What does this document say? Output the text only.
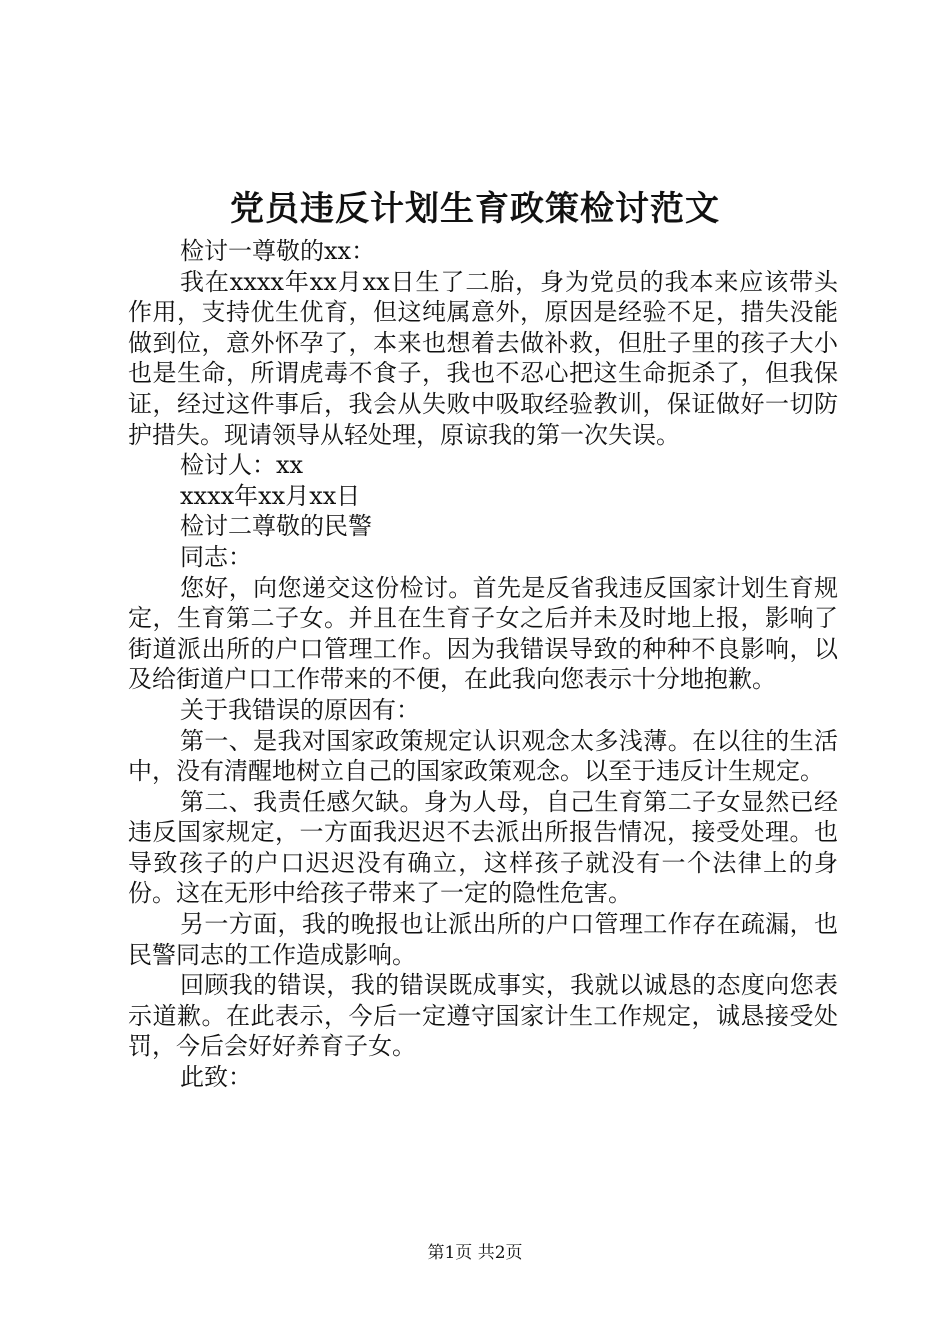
党员违反计划生育政策检讨范文

检讨一尊敬的xx：

我在xxxx年xx月xx日生了二胎，身为党员的我本来应该带头作用，支持优生优育，但这纯属意外，原因是经验不足，措失没能做到位，意外怀孕了，本来也想着去做补救，但肚子里的孩子大小也是生命，所谓虎毒不食子，我也不忍心把这生命扼杀了，但我保证，经过这件事后，我会从失败中吸取经验教训，保证做好一切防护措失。现请领导从轻处理，原谅我的第一次失误。

检讨人：xx

xxxx年xx月xx日

检讨二尊敬的民警

同志：

您好，向您递交这份检讨。首先是反省我违反国家计划生育规定，生育第二子女。并且在生育子女之后并未及时地上报，影响了街道派出所的户口管理工作。因为我错误导致的种种不良影响，以及给街道户口工作带来的不便，在此我向您表示十分地抱歉。

关于我错误的原因有：

第一、是我对国家政策规定认识观念太多浅薄。在以往的生活中，没有清醒地树立自己的国家政策观念。以至于违反计生规定。

第二、我责任感欠缺。身为人母，自己生育第二子女显然已经违反国家规定，一方面我迟迟不去派出所报告情况，接受处理。也导致孩子的户口迟迟没有确立，这样孩子就没有一个法律上的身份。这在无形中给孩子带来了一定的隐性危害。

另一方面，我的晚报也让派出所的户口管理工作存在疏漏，也民警同志的工作造成影响。

回顾我的错误，我的错误既成事实，我就以诚恳的态度向您表示道歉。在此表示，今后一定遵守国家计生工作规定，诚恳接受处罚，今后会好好养育子女。

此致：

第1页 共2页
